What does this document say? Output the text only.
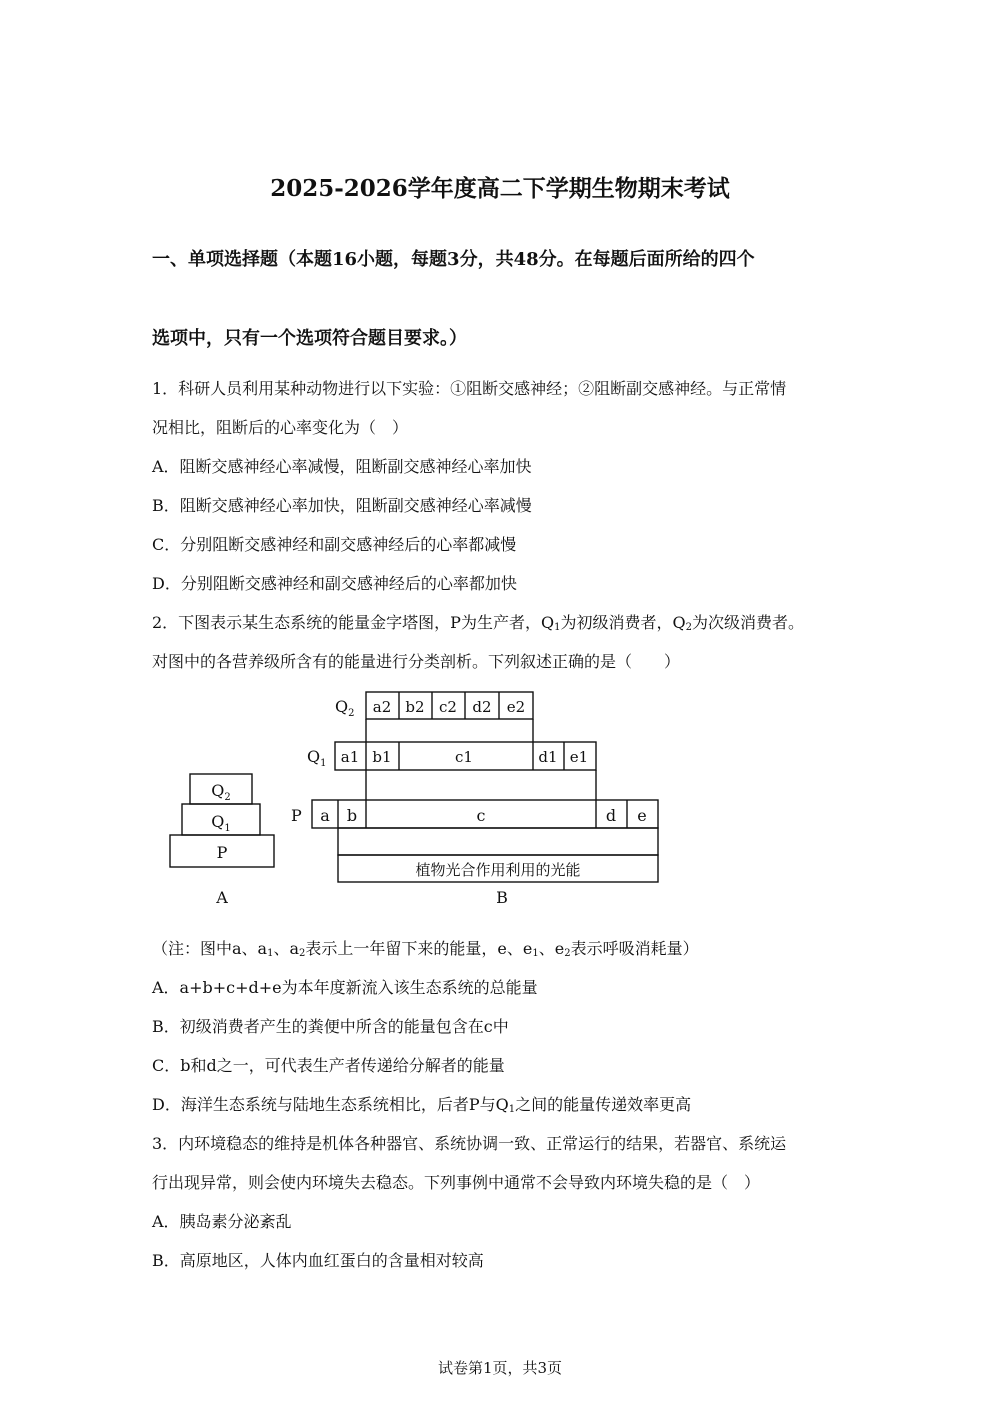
2025-2026学年度高二下学期生物期末考试
一、单项选择题（本题16小题，每题3分，共48分。在每题后面所给的四个
选项中，只有一个选项符合题目要求。）
1．科研人员利用某种动物进行以下实验：①阻断交感神经；②阻断副交感神经。与正常情
况相比，阻断后的心率变化为（　）
A．阻断交感神经心率减慢，阻断副交感神经心率加快
B．阻断交感神经心率加快，阻断副交感神经心率减慢
C．分别阻断交感神经和副交感神经后的心率都减慢
D．分别阻断交感神经和副交感神经后的心率都加快
2．下图表示某生态系统的能量金字塔图，P为生产者，$Q_1$为初级消费者，$Q_2$为次级消费者。
对图中的各营养级所含有的能量进行分类剖析。下列叙述正确的是（　　）
$Q_2$
$Q_1$
P
A	B
$Q_2$
$Q_1$
P
a2 b2 c2 d2 e2
a1 b1	c1	d1 e1
a b	c	d e
植物光合作用利用的光能
（注：图中a、$a_1$、$a_2$表示上一年留下来的能量，e、$e_1$、$e_2$表示呼吸消耗量）
A．a+b+c+d+e为本年度新流入该生态系统的总能量
B．初级消费者产生的粪便中所含的能量包含在c中
C．b和d之一，可代表生产者传递给分解者的能量
D．海洋生态系统与陆地生态系统相比，后者P与$Q_1$之间的能量传递效率更高
3．内环境稳态的维持是机体各种器官、系统协调一致、正常运行的结果，若器官、系统运
行出现异常，则会使内环境失去稳态。下列事例中通常不会导致内环境失稳的是（　）
A．胰岛素分泌紊乱
B．高原地区，人体内血红蛋白的含量相对较高
试卷第1页，共3页
